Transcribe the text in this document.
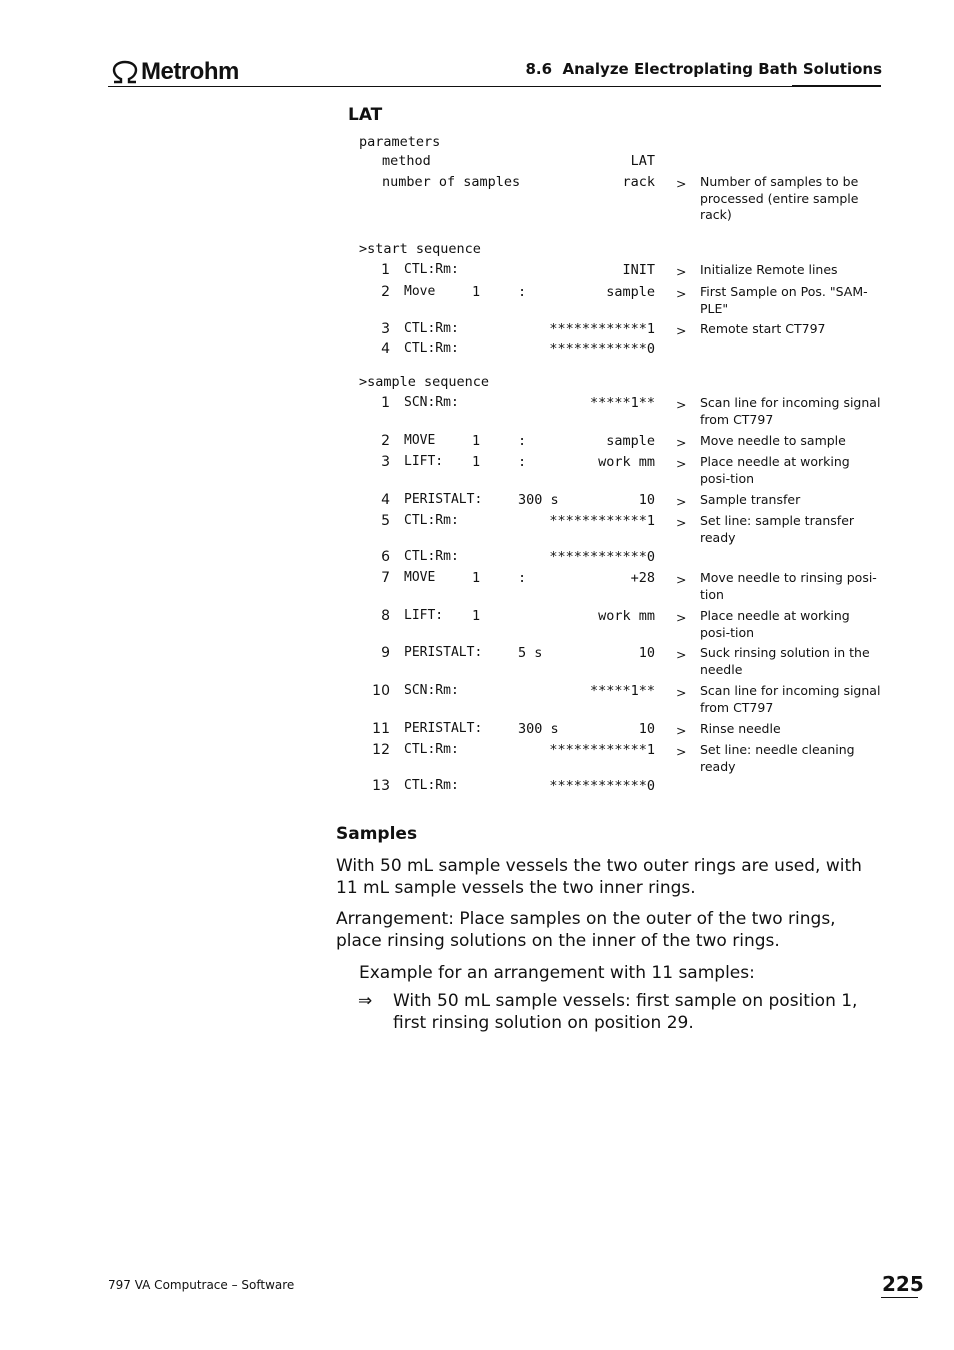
Metrohm	8.6  Analyze Electroplating Bath Solutions
LAT
parameters
method	LAT
number of samples	rack > Number of samples to be processed (entire sample rack)
>start sequence
1 CTL:Rm:	INIT	Initialize Remote lines
>
2 Move	1	:	sample	First Sample on Pos. "SAM-PLE"
>
3 CTL:Rm:	************1	Remote start CT797
>
4 CTL:Rm:	************0
>sample sequence
1 SCN:Rm:	*****1**	Scan line for incoming signal from CT797
>
2 MOVE	1	:	sample	Move needle to sample
>
3 LIFT: 1	:	work mm	Place needle at working posi-tion
>
4 PERISTALT:	300 s	10	Sample transfer
>
5 CTL:Rm:	************1	Set line: sample transfer ready
>
6 CTL:Rm:	************0
7 MOVE	1	:	+28	Move needle to rinsing posi-tion
>
8 LIFT: 1	work mm	Place needle at working posi-tion
>
9 PERISTALT:	5 s	10	Suck rinsing solution in the needle
>
10 SCN:Rm:	*****1**	Scan line for incoming signal from CT797
>
11 PERISTALT:	300 s	10	Rinse needle
>
12 CTL:Rm:	************1	Set line: needle cleaning ready
>
13 CTL:Rm:	************0
Samples
With 50 mL sample vessels the two outer rings are used, with 11 mL sample vessels the two inner rings.
Arrangement: Place samples on the outer of the two rings, place rinsing solutions on the inner of the two rings.
Example for an arrangement with 11 samples:
⇒ With 50 mL sample vessels: first sample on position 1,   first rinsing solution on position 29.
797 VA Computrace – Software	225
